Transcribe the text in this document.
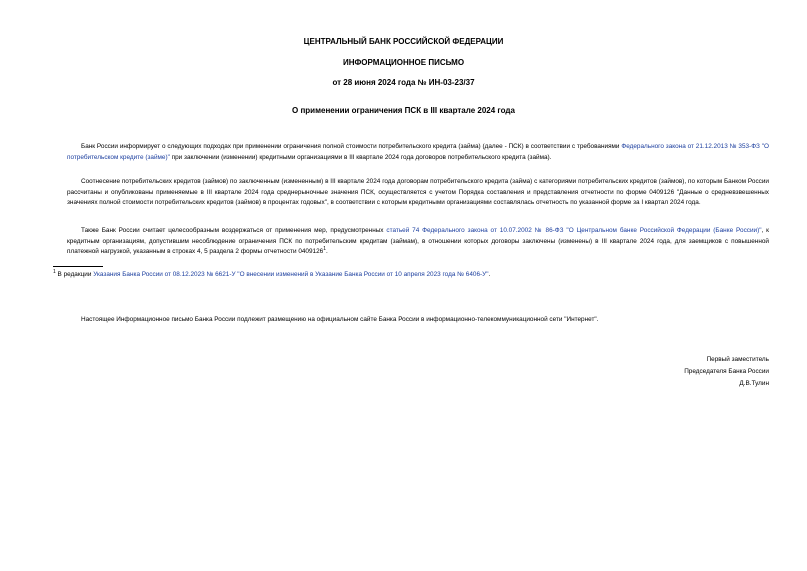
ЦЕНТРАЛЬНЫЙ БАНК РОССИЙСКОЙ ФЕДЕРАЦИИ
ИНФОРМАЦИОННОЕ ПИСЬМО
от 28 июня 2024 года № ИН-03-23/37
О применении ограничения ПСК в III квартале 2024 года
Банк России информирует о следующих подходах при применении ограничения полной стоимости потребительского кредита (займа) (далее - ПСК) в соответствии с требованиями Федерального закона от 21.12.2013 № 353-ФЗ "О потребительском кредите (займе)" при заключении (изменении) кредитными организациями в III квартале 2024 года договоров потребительского кредита (займа).
Соотнесение потребительских кредитов (займов) по заключенным (измененным) в III квартале 2024 года договорам потребительского кредита (займа) с категориями потребительских кредитов (займов), по которым Банком России рассчитаны и опубликованы применяемые в III квартале 2024 года среднерыночные значения ПСК, осуществляется с учетом Порядка составления и представления отчетности по форме 0409126 "Данные о средневзвешенных значениях полной стоимости потребительских кредитов (займов) в процентах годовых", в соответствии с которым кредитными организациями составлялась отчетность по указанной форме за I квартал 2024 года.
Также Банк России считает целесообразным воздержаться от применения мер, предусмотренных статьей 74 Федерального закона от 10.07.2002 № 86-ФЗ "О Центральном банке Российской Федерации (Банке России)", к кредитным организациям, допустившим несоблюдение ограничения ПСК по потребительским кредитам (займам), в отношении которых договоры заключены (изменены) в III квартале 2024 года, для заемщиков с повышенной платежной нагрузкой, указанным в строках 4, 5 раздела 2 формы отчетности 0409126$^1$.
$^1$ В редакции Указания Банка России от 08.12.2023 № 6621-У "О внесении изменений в Указание Банка России от 10 апреля 2023 года № 6406-У".
Настоящее Информационное письмо Банка России подлежит размещению на официальном сайте Банка России в информационно-телекоммуникационной сети "Интернет".
Первый заместитель
Председателя Банка России
Д.В.Тулин
